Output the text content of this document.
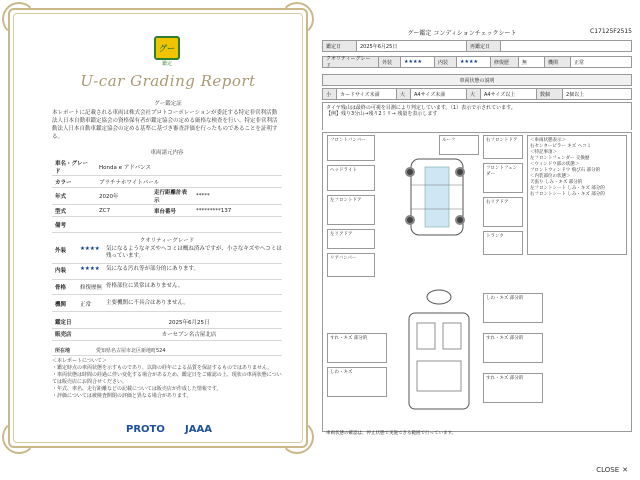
グー
鑑定
U-car Grading Report
グー鑑定証
本レポートに記載される車両は株式会社プロトコーポレーションが委託する特定非営利活動法人日本自動車鑑定協会の資格保有者が鑑定協会の定める厳格な検査を行い、特定非営利活動法人日本自動車鑑定協会の定める基準に基づき審査評価を行ったものであることを証明する。
車両諸元内容
車名・グレード	Honda e アドバンス		
カラー	プラチナホワイトパール		
年式	2020年	走行距離計表示	*****
型式	ZC7	車台番号	*********137
備考			
クオリティーグレード
外装	★★★★	気になるようなキズやヘコミは概ね済みですが、小さなキズやヘコミは残っています。
内装	★★★★	気になる汚れ等が部分的にあります。
骨格	修復歴無 骨格部位に異常はありません。
機関	正常	主要機関に不具合はありません。
鑑定日	2025年6月25日
販売店	カーセブン名古屋北店
所在地	愛知県名古屋市北区新地町524
＜本レポートについて＞
・鑑定時点の車両状態を示すものであり、以降の経年による品質を保証するものではありません。
・車両状態は時間の経過に伴い変化する場合があるため、鑑定日をご確認の上、現状の車両状態については販売店にお問合せください。
・年式、車名、走行距離などの記載については販売店が作成した情報です。
・評価については被検査開閉の評価と異なる場合があります。
PROTO JAAA
グー鑑定 コンディションチェックシート	C17125F2515
鑑定日	2025年6月25日	再鑑定日
クオリティーグレード
外装	★★★★	内装	★★★★	修復歴	無	機関	正常
車両状態の説明
小	カードサイズ未満	大	A4サイズ未満	大	A4サイズ以上	数個	2個以上
タイヤ残山は最終の可視を目測により判定しています。（1）表示で示されています。
【例】残り3分山→残り2ミリ→ 残量を表示します
フロントバンパー
ヘッドライト
左フロントドア
左リアドア
リアバンパー
ルーフ	右フロントドア
フロントフェンダー
右リアドア
トランク
＜車両状態表示＞
右センターピラー キズ ヘコミ
＜特記事項＞
左フロントフェンダー 交換歴
＜ウィンドウ部の状態＞
フロントウィンドウ 飛び石 部分的
＜内装部位の状態＞
天張り しみ・キズ 部分的
左フロントシート しみ・キズ 部分的
右フロントシート しみ・キズ 部分的
すれ・キズ 部分的
しわ・キズ
しわ・キズ 部分的
すれ・キズ 部分的
すれ・キズ 部分的
車両状態の確認は、停止状態で実施できる範囲で行っています。
CLOSE ✕
